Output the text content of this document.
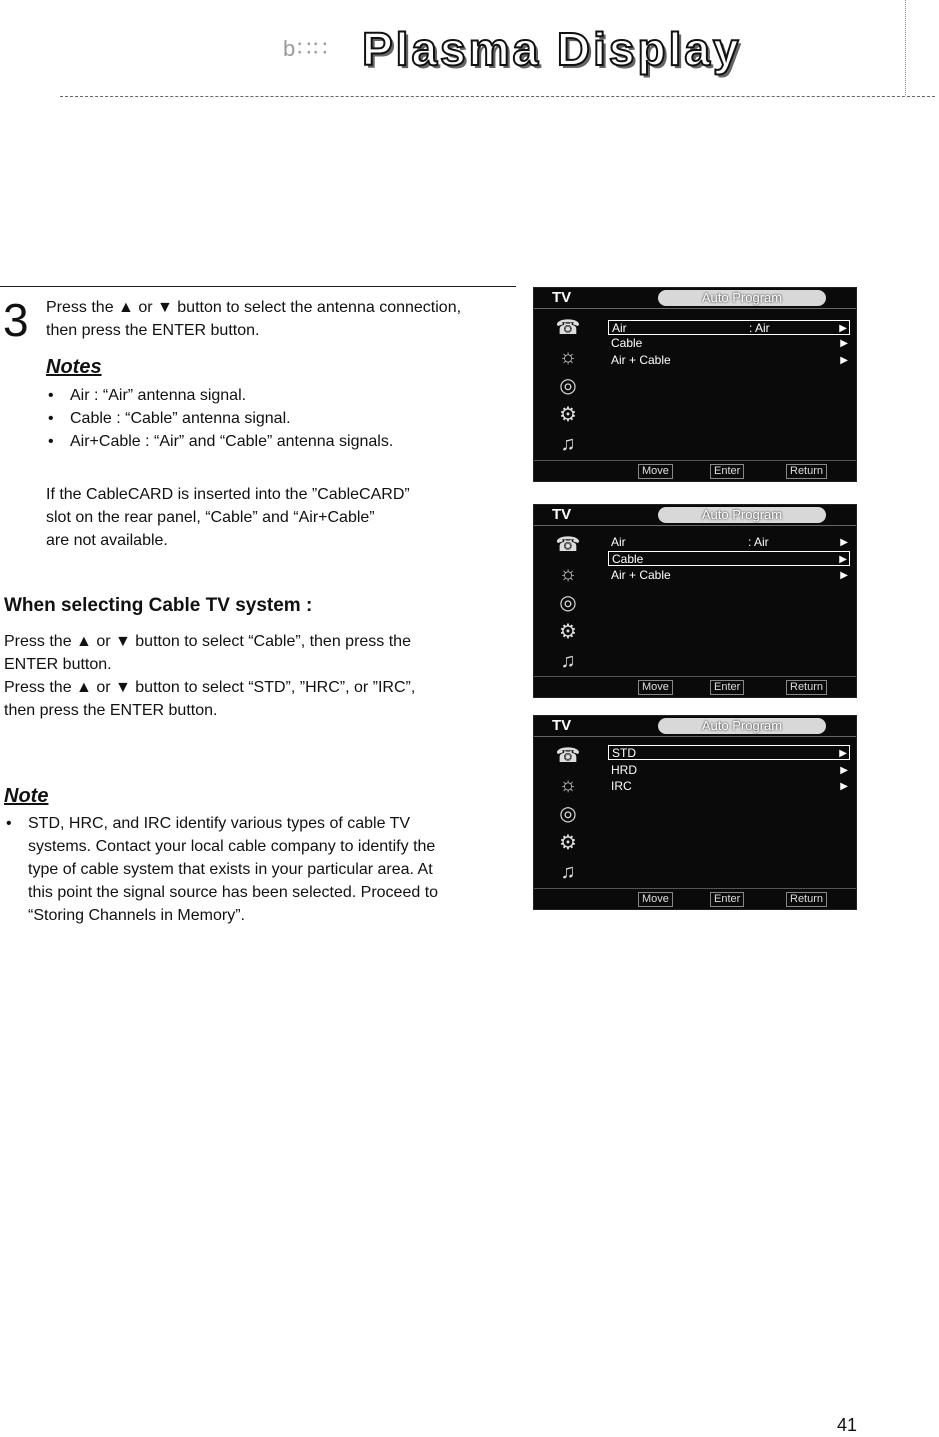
b∷∷ Plasma Display
3 Press the ▲ or ▼ button to select the antenna connection,
then press the ENTER button.
Notes
• Air : “Air” antenna signal.
• Cable : “Cable” antenna signal.
• Air+Cable : “Air” and “Cable” antenna signals.
If the CableCARD is inserted into the ”CableCARD”
slot on the rear panel, “Cable” and “Air+Cable”
are not available.
When selecting Cable TV system :
Press the ▲ or ▼ button to select “Cable”, then press the
ENTER button.
Press the ▲ or ▼ button to select “STD”, ”HRC”, or ”IRC”,
then press the ENTER button.
Note
• STD, HRC, and IRC identify various types of cable TV
systems. Contact your local cable company to identify the
type of cable system that exists in your particular area. At
this point the signal source has been selected. Proceed to
“Storing Channels in Memory”.
TV	Auto Program
☎
☼
◎
⚙
♫
Air	: Air	▶
Cable	▶
Air + Cable	▶
Move	Enter	Return
TV	Auto Program
☎
☼
◎
⚙
♫
Air	: Air	▶
Cable	▶
Air + Cable	▶
Move	Enter	Return
TV	Auto Program
☎
☼
◎
⚙
♫
STD	▶
HRD	▶
IRC	▶
Move	Enter	Return
41
